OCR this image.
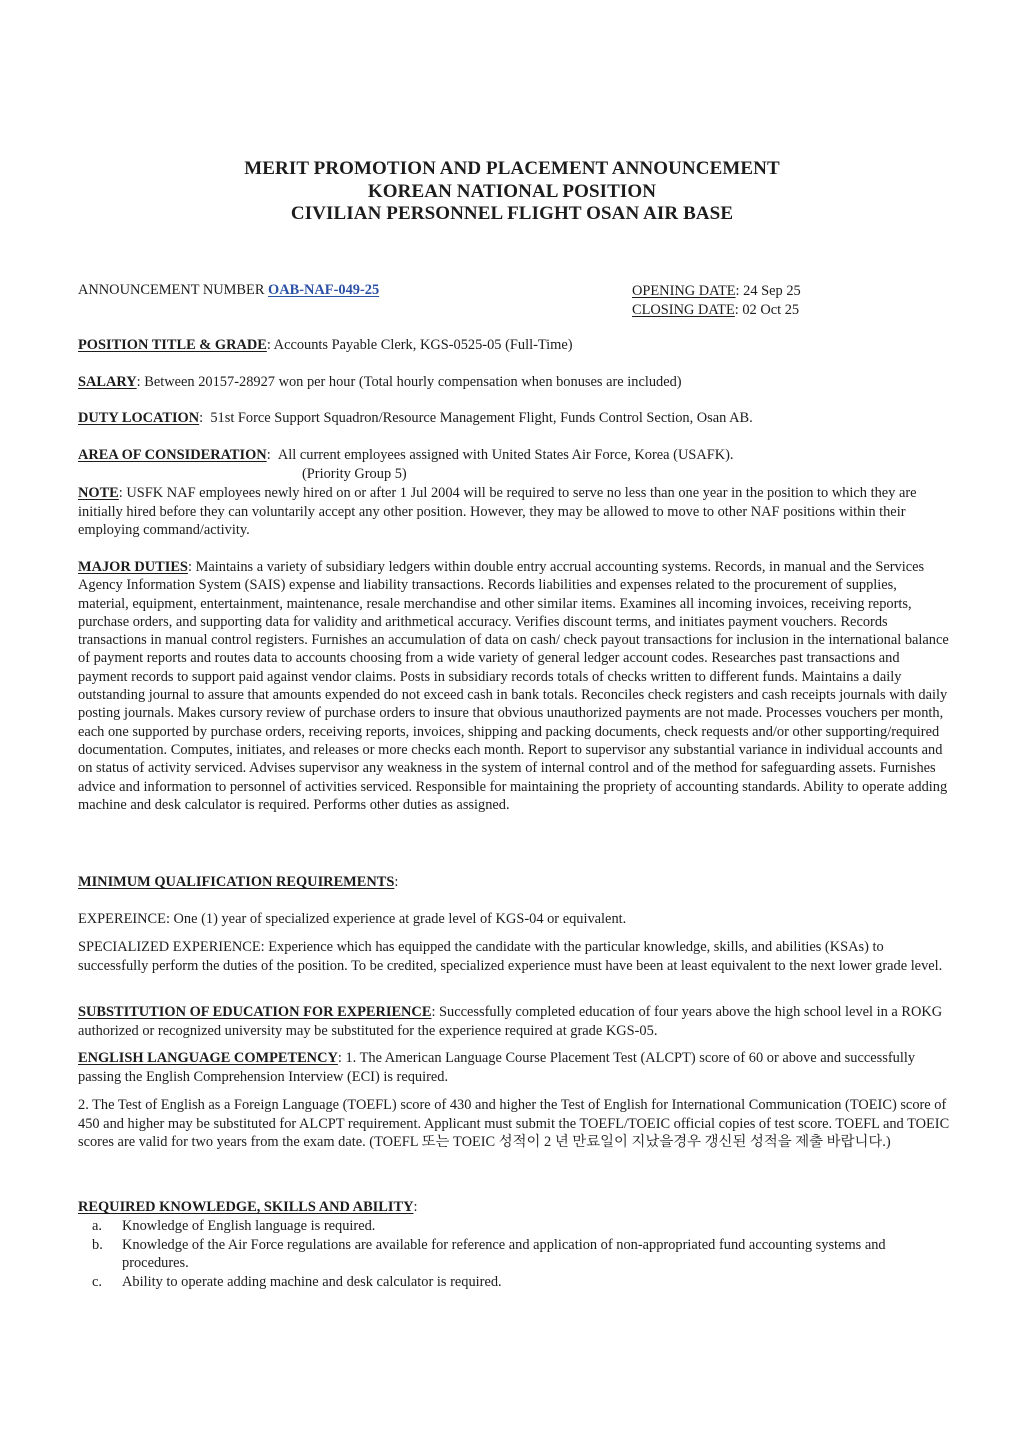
MERIT PROMOTION AND PLACEMENT ANNOUNCEMENT
KOREAN NATIONAL POSITION
CIVILIAN PERSONNEL FLIGHT OSAN AIR BASE
ANNOUNCEMENT NUMBER OAB-NAF-049-25	OPENING DATE: 24 Sep 25
CLOSING DATE: 02 Oct 25
POSITION TITLE & GRADE: Accounts Payable Clerk, KGS-0525-05 (Full-Time)
SALARY: Between 20157-28927 won per hour (Total hourly compensation when bonuses are included)
DUTY LOCATION:  51st Force Support Squadron/Resource Management Flight, Funds Control Section, Osan AB.
AREA OF CONSIDERATION:  All current employees assigned with United States Air Force, Korea (USAFK).
(Priority Group 5)

NOTE: USFK NAF employees newly hired on or after 1 Jul 2004 will be required to serve no less than one year in the position to which they are initially hired before they can voluntarily accept any other position. However, they may be allowed to move to other NAF positions within their employing command/activity.

MAJOR DUTIES: Maintains a variety of subsidiary ledgers within double entry accrual accounting systems. Records, in manual and the Services Agency Information System (SAIS) expense and liability transactions. Records liabilities and expenses related to the procurement of supplies, material, equipment, entertainment, maintenance, resale merchandise and other similar items. Examines all incoming invoices, receiving reports, purchase orders, and supporting data for validity and arithmetical accuracy. Verifies discount terms, and initiates payment vouchers. Records transactions in manual control registers. Furnishes an accumulation of data on cash/ check payout transactions for inclusion in the international balance of payment reports and routes data to accounts choosing from a wide variety of general ledger account codes. Researches past transactions and payment records to support paid against vendor claims. Posts in subsidiary records totals of checks written to different funds. Maintains a daily outstanding journal to assure that amounts expended do not exceed cash in bank totals. Reconciles check registers and cash receipts journals with daily posting journals. Makes cursory review of purchase orders to insure that obvious unauthorized payments are not made. Processes vouchers per month, each one supported by purchase orders, receiving reports, invoices, shipping and packing documents, check requests and/or other supporting/required documentation. Computes, initiates, and releases or more checks each month. Report to supervisor any substantial variance in individual accounts and on status of activity serviced. Advises supervisor any weakness in the system of internal control and of the method for safeguarding assets. Furnishes advice and information to personnel of activities serviced. Responsible for maintaining the propriety of accounting standards. Ability to operate adding machine and desk calculator is required. Performs other duties as assigned.

MINIMUM QUALIFICATION REQUIREMENTS:

EXPEREINCE: One (1) year of specialized experience at grade level of KGS-04 or equivalent.

SPECIALIZED EXPERIENCE: Experience which has equipped the candidate with the particular knowledge, skills, and abilities (KSAs) to successfully perform the duties of the position. To be credited, specialized experience must have been at least equivalent to the next lower grade level.

SUBSTITUTION OF EDUCATION FOR EXPERIENCE: Successfully completed education of four years above the high school level in a ROKG authorized or recognized university may be substituted for the experience required at grade KGS-05.

ENGLISH LANGUAGE COMPETENCY: 1. The American Language Course Placement Test (ALCPT) score of 60 or above and successfully passing the English Comprehension Interview (ECI) is required.

2. The Test of English as a Foreign Language (TOEFL) score of 430 and higher the Test of English for International Communication (TOEIC) score of 450 and higher may be substituted for ALCPT requirement. Applicant must submit the TOEFL/TOEIC official copies of test score. TOEFL and TOEIC scores are valid for two years from the exam date. (TOEFL 또는 TOEIC 성적이 2 년 만료일이 지났을경우 갱신된 성적을 제출 바랍니다.)

REQUIRED KNOWLEDGE, SKILLS AND ABILITY:
a.	Knowledge of English language is required.
b.	Knowledge of the Air Force regulations are available for reference and application of non-appropriated fund accounting systems and procedures.
c.	Ability to operate adding machine and desk calculator is required.
